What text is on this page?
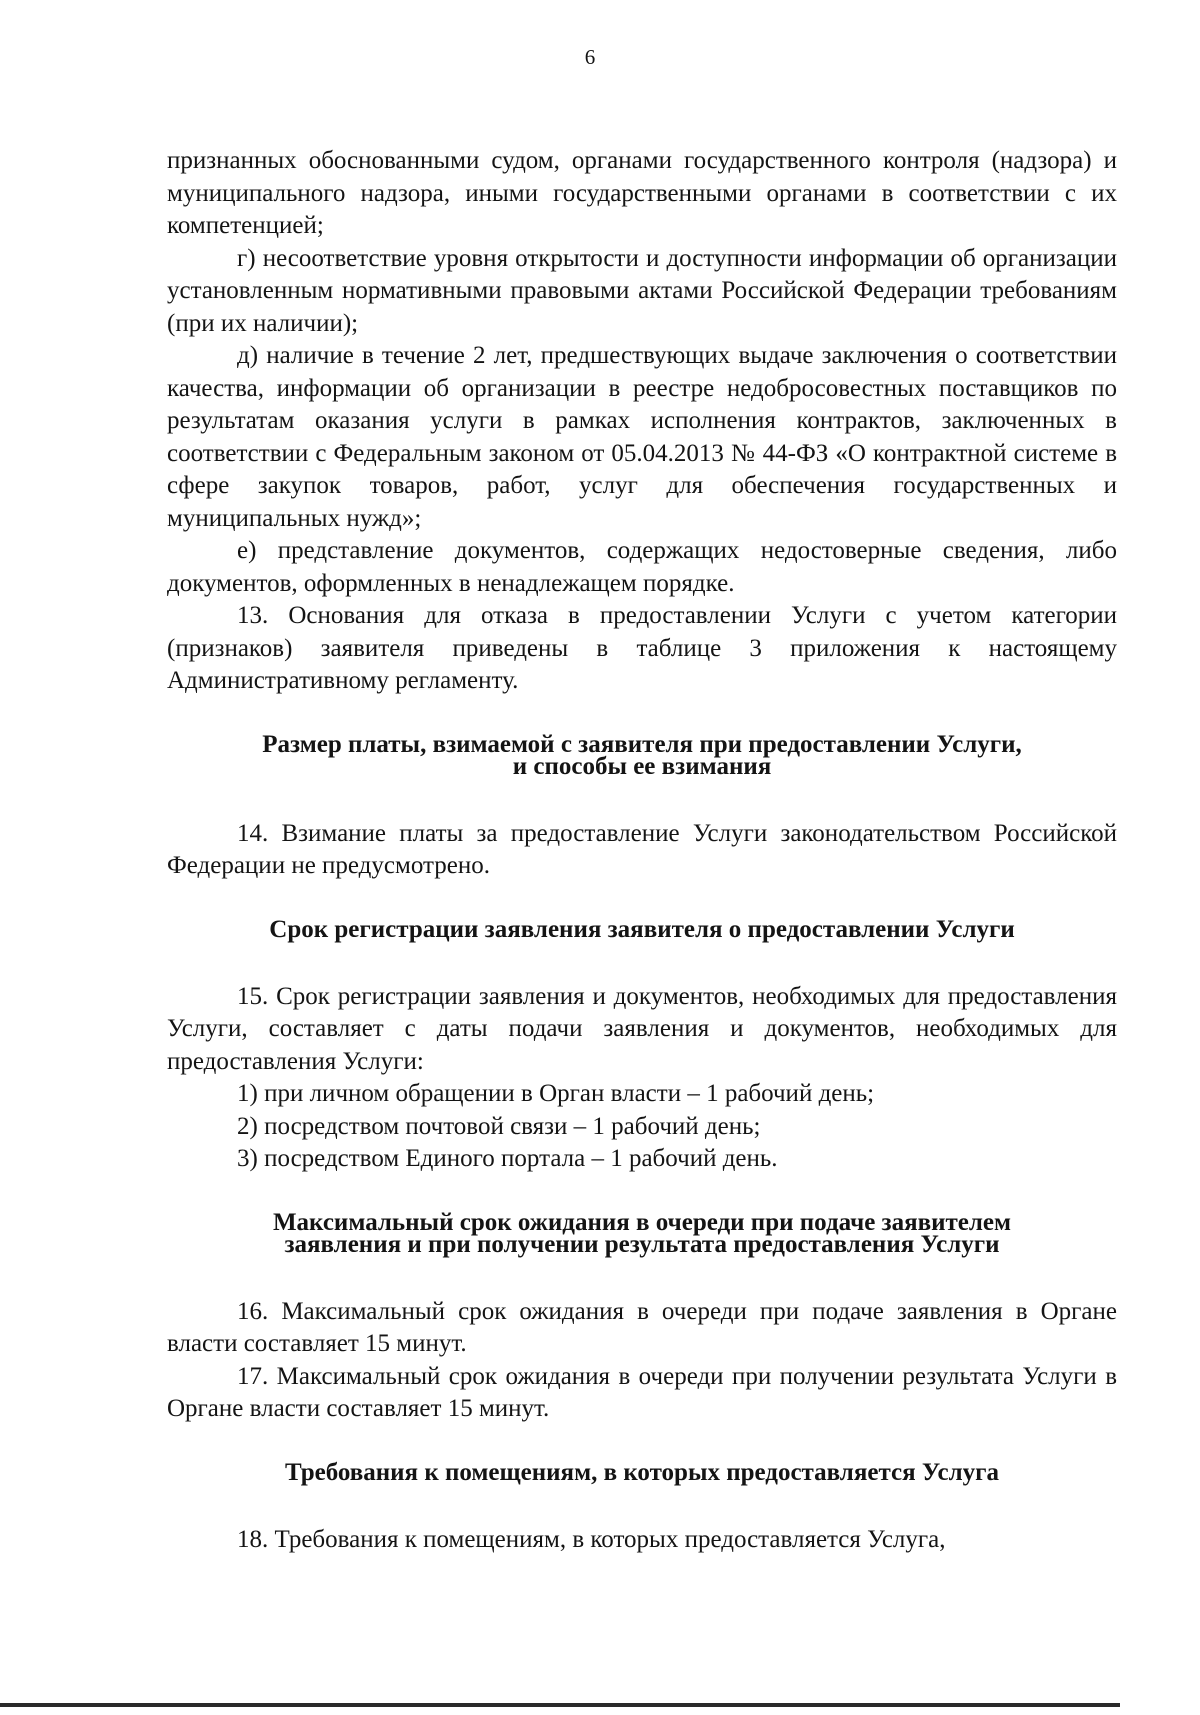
6

признанных обоснованными судом, органами государственного контроля (надзора) и муниципального надзора, иными государственными органами в соответствии с их компетенцией;

г) несоответствие уровня открытости и доступности информации об организации установленным нормативными правовыми актами Российской Федерации требованиям (при их наличии);

д) наличие в течение 2 лет, предшествующих выдаче заключения о соответствии качества, информации об организации в реестре недобросовестных поставщиков по результатам оказания услуги в рамках исполнения контрактов, заключенных в соответствии с Федеральным законом от 05.04.2013 № 44-ФЗ «О контрактной системе в сфере закупок товаров, работ, услуг для обеспечения государственных и муниципальных нужд»;

е) представление документов, содержащих недостоверные сведения, либо документов, оформленных в ненадлежащем порядке.

13. Основания для отказа в предоставлении Услуги с учетом категории (признаков) заявителя приведены в таблице 3 приложения к настоящему Административному регламенту.

Размер платы, взимаемой с заявителя при предоставлении Услуги,
и способы ее взимания

14. Взимание платы за предоставление Услуги законодательством Российской Федерации не предусмотрено.

Срок регистрации заявления заявителя о предоставлении Услуги

15. Срок регистрации заявления и документов, необходимых для предоставления Услуги, составляет с даты подачи заявления и документов, необходимых для предоставления Услуги:

1) при личном обращении в Орган власти – 1 рабочий день;

2) посредством почтовой связи – 1 рабочий день;

3) посредством Единого портала – 1 рабочий день.

Максимальный срок ожидания в очереди при подаче заявителем
заявления и при получении результата предоставления Услуги

16. Максимальный срок ожидания в очереди при подаче заявления в Органе власти составляет 15 минут.

17. Максимальный срок ожидания в очереди при получении результата Услуги в Органе власти составляет 15 минут.

Требования к помещениям, в которых предоставляется Услуга

18. Требования к помещениям, в которых предоставляется Услуга,
